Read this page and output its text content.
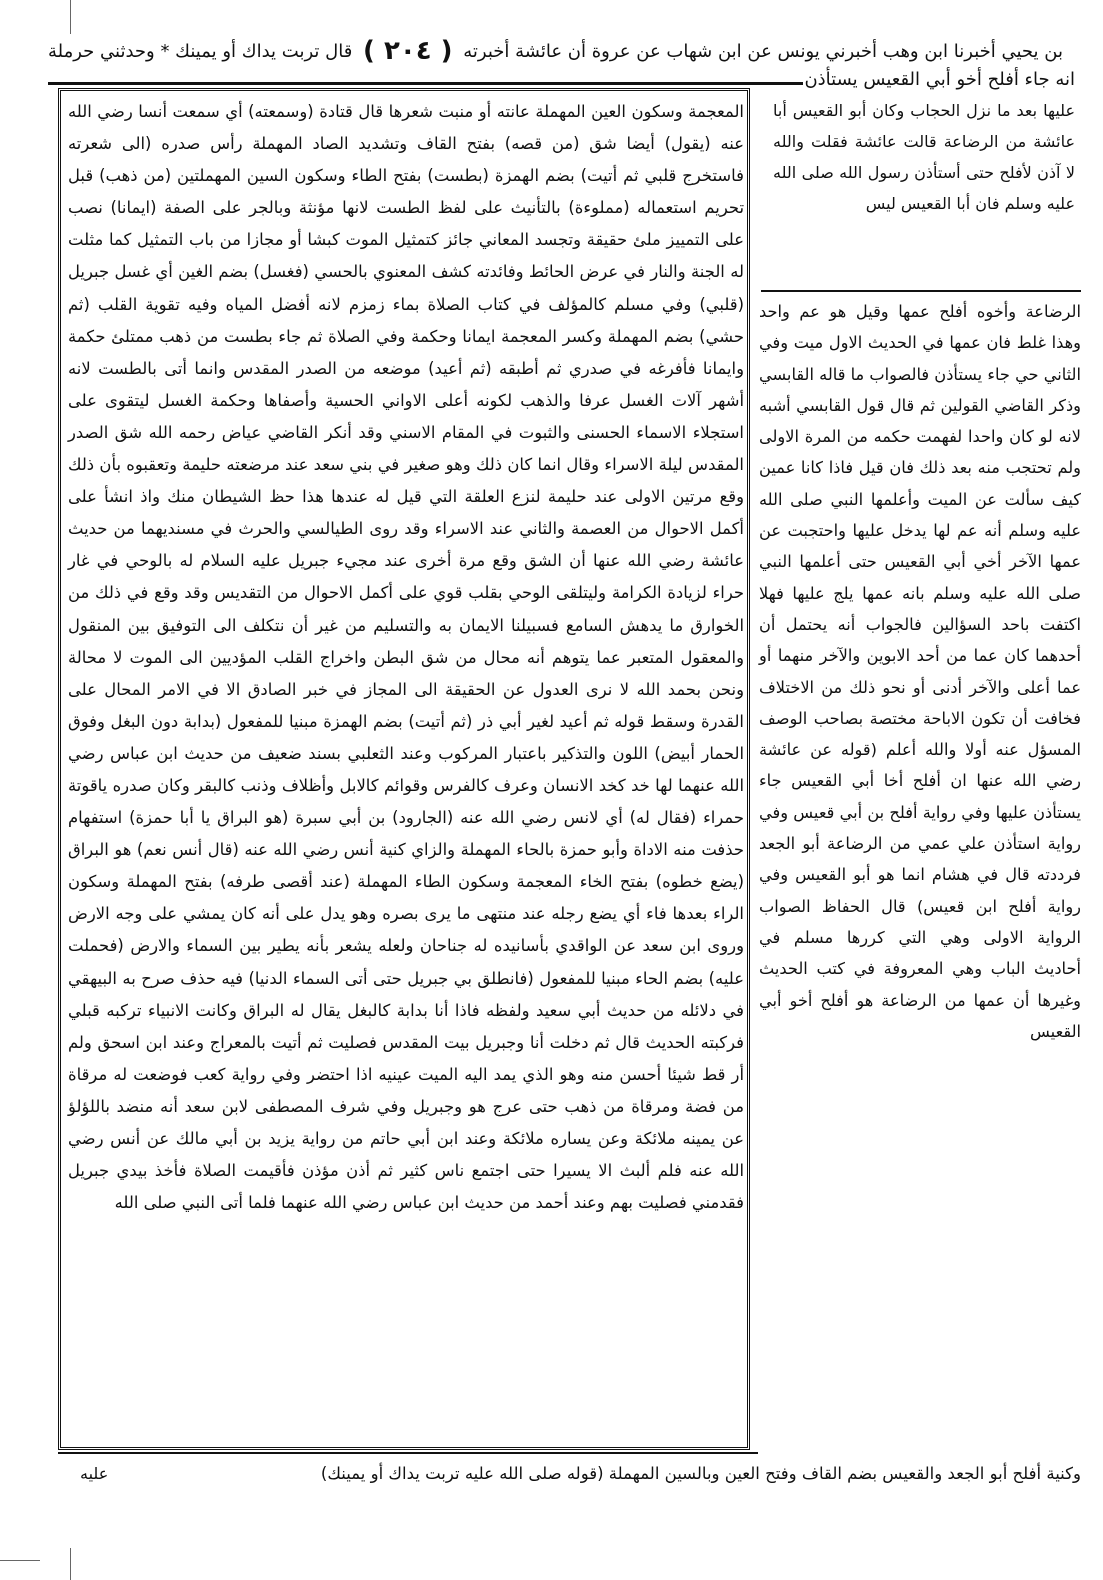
بن يحيي أخبرنا ابن وهب أخبرني يونس عن ابن شهاب عن عروة أن عائشة أخبرته
( ٢٠٤ )
قال تربت يداك أو يمينك * وحدثني حرملة
انه جاء أفلح أخو أبي القعيس يستأذن
عليها بعد ما نزل الحجاب وكان أبو القعيس أبا عائشة من الرضاعة قالت عائشة فقلت والله لا آذن لأفلح حتى أستأذن رسول الله صلى الله عليه وسلم فان أبا القعيس ليس
الرضاعة وأخوه أفلح عمها وقيل هو عم واحد وهذا غلط فان عمها في الحديث الاول ميت وفي الثاني حي جاء يستأذن فالصواب ما قاله القابسي وذكر القاضي القولين ثم قال قول القابسي أشبه لانه لو كان واحدا لفهمت حكمه من المرة الاولى ولم تحتجب منه بعد ذلك فان قيل فاذا كانا عمين كيف سألت عن الميت وأعلمها النبي صلى الله عليه وسلم أنه عم لها يدخل عليها واحتجبت عن عمها الآخر أخي أبي القعيس حتى أعلمها النبي صلى الله عليه وسلم بانه عمها يلج عليها فهلا اكتفت باحد السؤالين فالجواب أنه يحتمل أن أحدهما كان عما من أحد الابوين والآخر منهما أو عما أعلى والآخر أدنى أو نحو ذلك من الاختلاف فخافت أن تكون الاباحة مختصة بصاحب الوصف المسؤل عنه أولا والله أعلم (قوله عن عائشة رضي الله عنها ان أفلح أخا أبي القعيس جاء يستأذن عليها وفي رواية أفلح بن أبي قعيس وفي رواية استأذن علي عمي من الرضاعة أبو الجعد فرددته قال في هشام انما هو أبو القعيس وفي رواية أفلح ابن قعيس) قال الحفاظ الصواب الرواية الاولى وهي التي كررها مسلم في أحاديث الباب وهي المعروفة في كتب الحديث وغيرها أن عمها من الرضاعة هو أفلح أخو أبي القعيس

المعجمة وسكون العين المهملة عانته أو منبت شعرها قال قتادة (وسمعته) أي سمعت أنسا رضي الله عنه (يقول) أيضا شق (من قصه) بفتح القاف وتشديد الصاد المهملة رأس صدره (الى شعرته فاستخرج قلبي ثم أتيت) بضم الهمزة (بطست) بفتح الطاء وسكون السين المهملتين (من ذهب) قبل تحريم استعماله (مملوءة) بالتأنيث على لفظ الطست لانها مؤنثة وبالجر على الصفة (ايمانا) نصب على التمييز ملئ حقيقة وتجسد المعاني جائز كتمثيل الموت كبشا أو مجازا من باب التمثيل كما مثلت له الجنة والنار في عرض الحائط وفائدته كشف المعنوي بالحسي (فغسل) بضم الغين أي غسل جبريل (قلبي) وفي مسلم كالمؤلف في كتاب الصلاة بماء زمزم لانه أفضل المياه وفيه تقوية القلب (ثم حشي) بضم المهملة وكسر المعجمة ايمانا وحكمة وفي الصلاة ثم جاء بطست من ذهب ممتلئ حكمة وايمانا فأفرغه في صدري ثم أطبقه (ثم أعيد) موضعه من الصدر المقدس وانما أتى بالطست لانه أشهر آلات الغسل عرفا والذهب لكونه أعلى الاواني الحسية وأصفاها وحكمة الغسل ليتقوى على استجلاء الاسماء الحسنى والثبوت في المقام الاسني وقد أنكر القاضي عياض رحمه الله شق الصدر المقدس ليلة الاسراء وقال انما كان ذلك وهو صغير في بني سعد عند مرضعته حليمة وتعقبوه بأن ذلك وقع مرتين الاولى عند حليمة لنزع العلقة التي قيل له عندها هذا حظ الشيطان منك واذ انشأ على أكمل الاحوال من العصمة والثاني عند الاسراء وقد روى الطيالسي والحرث في مسنديهما من حديث عائشة رضي الله عنها أن الشق وقع مرة أخرى عند مجيء جبريل عليه السلام له بالوحي في غار حراء لزيادة الكرامة وليتلقى الوحي بقلب قوي على أكمل الاحوال من التقديس وقد وقع في ذلك من الخوارق ما يدهش السامع فسبيلنا الايمان به والتسليم من غير أن نتكلف الى التوفيق بين المنقول والمعقول المتعبر عما يتوهم أنه محال من شق البطن واخراج القلب المؤديين الى الموت لا محالة ونحن بحمد الله لا نرى العدول عن الحقيقة الى المجاز في خبر الصادق الا في الامر المحال على القدرة وسقط قوله ثم أعيد لغير أبي ذر (ثم أتيت) بضم الهمزة مبنيا للمفعول (بدابة دون البغل وفوق الحمار أبيض) اللون والتذكير باعتبار المركوب وعند الثعلبي بسند ضعيف من حديث ابن عباس رضي الله عنهما لها خد كخد الانسان وعرف كالفرس وقوائم كالابل وأظلاف وذنب كالبقر وكان صدره ياقوتة حمراء (فقال له) أي لانس رضي الله عنه (الجارود) بن أبي سبرة (هو البراق يا أبا حمزة) استفهام حذفت منه الاداة وأبو حمزة بالحاء المهملة والزاي كنية أنس رضي الله عنه (قال أنس نعم) هو البراق (يضع خطوه) بفتح الخاء المعجمة وسكون الطاء المهملة (عند أقصى طرفه) بفتح المهملة وسكون الراء بعدها فاء أي يضع رجله عند منتهى ما يرى بصره وهو يدل على أنه كان يمشي على وجه الارض وروى ابن سعد عن الواقدي بأسانيده له جناحان ولعله يشعر بأنه يطير بين السماء والارض (فحملت عليه) بضم الحاء مبنيا للمفعول (فانطلق بي جبريل حتى أتى السماء الدنيا) فيه حذف صرح به البيهقي في دلائله من حديث أبي سعيد ولفظه فاذا أنا بدابة كالبغل يقال له البراق وكانت الانبياء تركبه قبلي فركبته الحديث قال ثم دخلت أنا وجبريل بيت المقدس فصليت ثم أتيت بالمعراج وعند ابن اسحق ولم أر قط شيئا أحسن منه وهو الذي يمد اليه الميت عينيه اذا احتضر وفي رواية كعب فوضعت له مرقاة من فضة ومرقاة من ذهب حتى عرج هو وجبريل وفي شرف المصطفى لابن سعد أنه منضد باللؤلؤ عن يمينه ملائكة وعن يساره ملائكة وعند ابن أبي حاتم من رواية يزيد بن أبي مالك عن أنس رضي الله عنه فلم ألبث الا يسيرا حتى اجتمع ناس كثير ثم أذن مؤذن فأقيمت الصلاة فأخذ بيدي جبريل فقدمني فصليت بهم وعند أحمد من حديث ابن عباس رضي الله عنهما فلما أتى النبي صلى الله

وكنية أفلح أبو الجعد والقعيس بضم القاف وفتح العين وبالسين المهملة (قوله صلى الله عليه تربت يداك أو يمينك)
عليه
